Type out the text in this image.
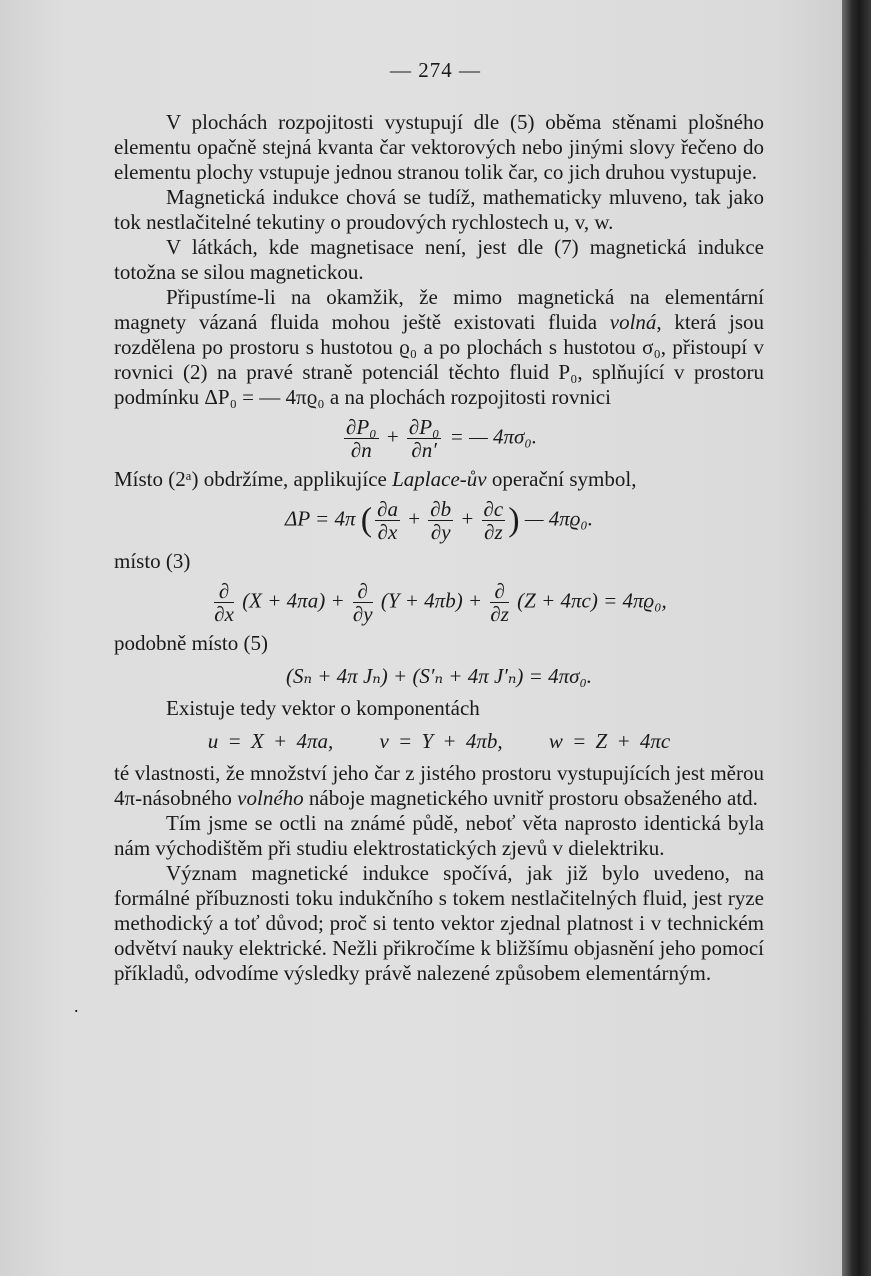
— 274 —
.

V plochách rozpojitosti vystupují dle (5) oběma stěnami plošného elementu opačně stejná kvanta čar vektorových nebo jinými slovy řečeno do elementu plochy vstupuje jednou stranou tolik čar, co jich druhou vystupuje.

Magnetická indukce chová se tudíž, mathematicky mluveno, tak jako tok nestlačitelné tekutiny o proudových rychlostech u, v, w.

V látkách, kde magnetisace není, jest dle (7) magnetická indukce totožna se silou magnetickou.

Připustíme-li na okamžik, že mimo magnetická na elementární magnety vázaná fluida mohou ještě existovati fluida volná, která jsou rozdělena po prostoru s hustotou ϱ₀ a po plochách s hustotou σ₀, přistoupí v rovnici (2) na pravé straně potenciál těchto fluid P₀, splňující v prostoru podmínku ΔP₀ = — 4πϱ₀ a na plochách rozpojitosti rovnici

$\frac{\text{∂P₀}}{\partial n} + \frac{\text{∂P₀}}{\partial n'}$ = — 4πσ₀.

Místo (2ᵃ) obdržíme, applikujíce Laplace-ův operační symbol,

ΔP = 4π ( $\frac{\partial a}{\partial x} + \frac{\partial b}{\partial y} + \frac{\partial c}{\partial z}$ ) — 4πϱ₀.

místo (3)

$\frac{\partial}{\partial x} (X + 4\pi a) + \frac{\partial}{\partial y} (Y + 4\pi b) + \frac{\partial}{\partial z} (Z + 4\pi c) = 4\pi ϱ_0$,

podobně místo (5)

(Sₙ + 4π Jₙ) + (S′ₙ + 4π J′ₙ) = 4πσ₀.

Existuje tedy vektor o komponentách

u = X + 4πa,     v = Y + 4πb,     w = Z + 4πc

té vlastnosti, že množství jeho čar z jistého prostoru vystupujících jest měrou 4π-násobného volného náboje magnetického uvnitř prostoru obsaženého atd.

Tím jsme se octli na známé půdě, neboť věta naprosto identická byla nám východištěm při studiu elektrostatických zjevů v dielektriku.

Význam magnetické indukce spočívá, jak již bylo uvedeno, na formálné příbuznosti toku indukčního s tokem nestlačitelných fluid, jest ryze methodický a toť důvod; proč si tento vektor zjednal platnost i v technickém odvětví nauky elektrické. Nežli přikročíme k bližšímu objasnění jeho pomocí příkladů, odvodíme výsledky právě nalezené způsobem elementárným.
